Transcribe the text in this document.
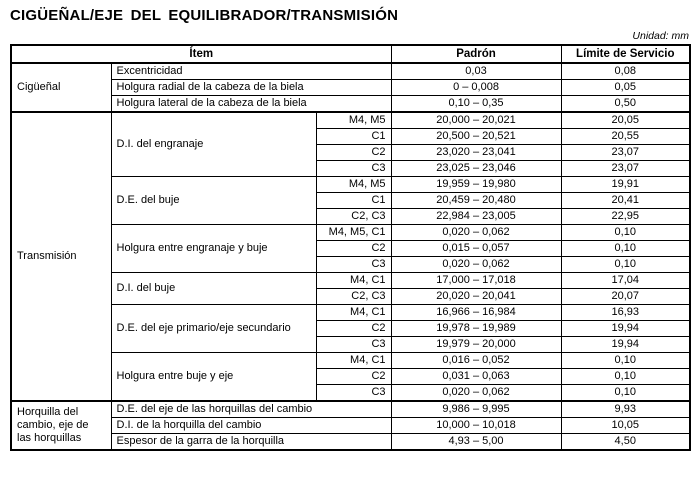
CIGÜEÑAL/EJE DEL EQUILIBRADOR/TRANSMISIÓN
Unidad: mm
Ítem			Padrón	Límite de Servicio
Cigüeñal	Excentricidad		0,03	0,08
	Holgura radial de la cabeza de la biela		0 – 0,008	0,05
	Holgura lateral de la cabeza de la biela		0,10 – 0,35	0,50
Transmisión	D.I. del engranaje	M4, M5	20,000 – 20,021	20,05
		C1	20,500 – 20,521	20,55
		C2	23,020 – 23,041	23,07
		C3	23,025 – 23,046	23,07
	D.E. del buje	M4, M5	19,959 – 19,980	19,91
		C1	20,459 – 20,480	20,41
		C2, C3	22,984 – 23,005	22,95
	Holgura entre engranaje y buje	M4, M5, C1	0,020 – 0,062	0,10
		C2	0,015 – 0,057	0,10
		C3	0,020 – 0,062	0,10
	D.I. del buje	M4, C1	17,000 – 17,018	17,04
		C2, C3	20,020 – 20,041	20,07
	D.E. del eje primario/eje secundario	M4, C1	16,966 – 16,984	16,93
		C2	19,978 – 19,989	19,94
		C3	19,979 – 20,000	19,94
	Holgura entre buje y eje	M4, C1	0,016 – 0,052	0,10
		C2	0,031 – 0,063	0,10
		C3	0,020 – 0,062	0,10
Horquilla del cambio, eje de las horquillas	D.E. del eje de las horquillas del cambio		9,986 – 9,995	9,93
	D.I. de la horquilla del cambio		10,000 – 10,018	10,05
	Espesor de la garra de la horquilla		4,93 – 5,00	4,50
